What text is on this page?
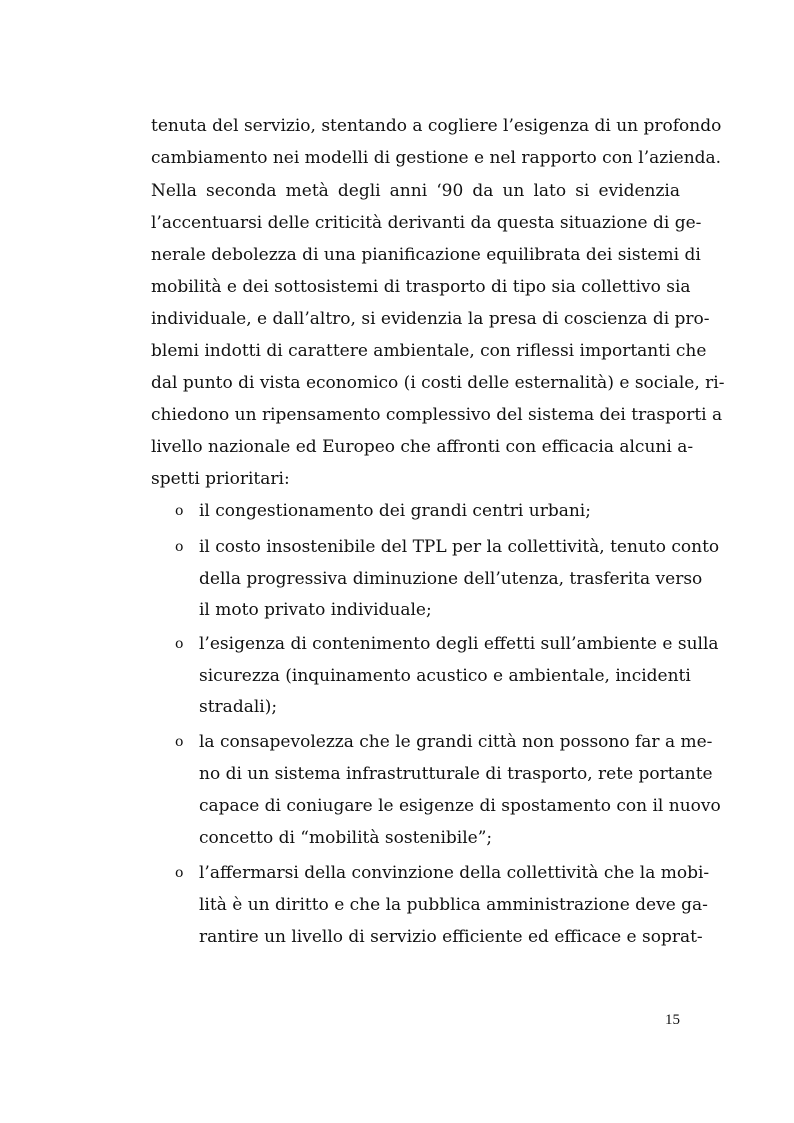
tenuta del servizio, stentando a cogliere l’esigenza di un profondo
cambiamento nei modelli di gestione e nel rapporto con l’azienda.
Nella seconda metà degli anni ‘90 da un lato si evidenzia
l’accentuarsi delle criticità derivanti da questa situazione di ge-
nerale debolezza di una pianificazione equilibrata dei sistemi di
mobilità e dei sottosistemi di trasporto di tipo sia collettivo sia
individuale, e dall’altro, si evidenzia la presa di coscienza di pro-
blemi indotti di carattere ambientale, con riflessi importanti che
dal punto di vista economico (i costi delle esternalità) e sociale, ri-
chiedono un ripensamento complessivo del sistema dei trasporti a
livello nazionale ed Europeo che affronti con efficacia alcuni a-
spetti prioritari:
o il congestionamento dei grandi centri urbani;
o il costo insostenibile del TPL per la collettività, tenuto conto
della progressiva diminuzione dell’utenza, trasferita verso
il moto privato individuale;
o l’esigenza di contenimento degli effetti sull’ambiente e sulla
sicurezza (inquinamento acustico e ambientale, incidenti
stradali);
o la consapevolezza che le grandi città non possono far a me-
no di un sistema infrastrutturale di trasporto, rete portante
capace di coniugare le esigenze di spostamento con il nuovo
concetto di “mobilità sostenibile”;
o l’affermarsi della convinzione della collettività che la mobi-
lità è un diritto e che la pubblica amministrazione deve ga-
rantire un livello di servizio efficiente ed efficace e soprat-
15
